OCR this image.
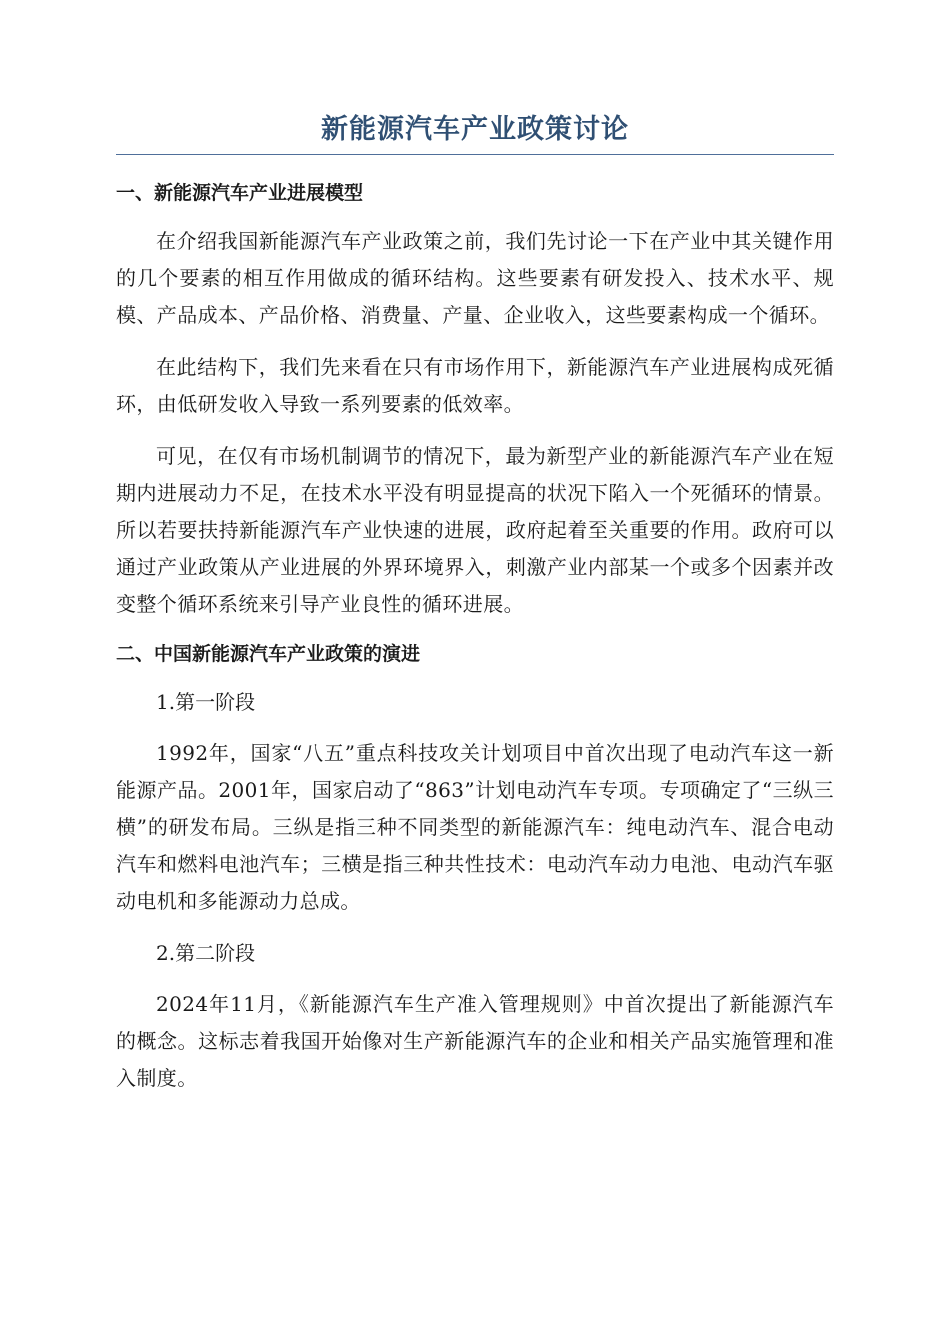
新能源汽车产业政策讨论
一、新能源汽车产业进展模型

在介绍我国新能源汽车产业政策之前，我们先讨论一下在产业中其关键作用的几个要素的相互作用做成的循环结构。这些要素有研发投入、技术水平、规模、产品成本、产品价格、消费量、产量、企业收入，这些要素构成一个循环。

在此结构下，我们先来看在只有市场作用下，新能源汽车产业进展构成死循环，由低研发收入导致一系列要素的低效率。

可见，在仅有市场机制调节的情况下，最为新型产业的新能源汽车产业在短期内进展动力不足，在技术水平没有明显提高的状况下陷入一个死循环的情景。所以若要扶持新能源汽车产业快速的进展，政府起着至关重要的作用。政府可以通过产业政策从产业进展的外界环境界入，刺激产业内部某一个或多个因素并改变整个循环系统来引导产业良性的循环进展。

二、中国新能源汽车产业政策的演进

1.第一阶段

1992年，国家“八五”重点科技攻关计划项目中首次出现了电动汽车这一新能源产品。2001年，国家启动了“863”计划电动汽车专项。专项确定了“三纵三横”的研发布局。三纵是指三种不同类型的新能源汽车：纯电动汽车、混合电动汽车和燃料电池汽车；三横是指三种共性技术：电动汽车动力电池、电动汽车驱动电机和多能源动力总成。

2.第二阶段

2024年11月，《新能源汽车生产准入管理规则》中首次提出了新能源汽车的概念。这标志着我国开始像对生产新能源汽车的企业和相关产品实施管理和准入制度。
